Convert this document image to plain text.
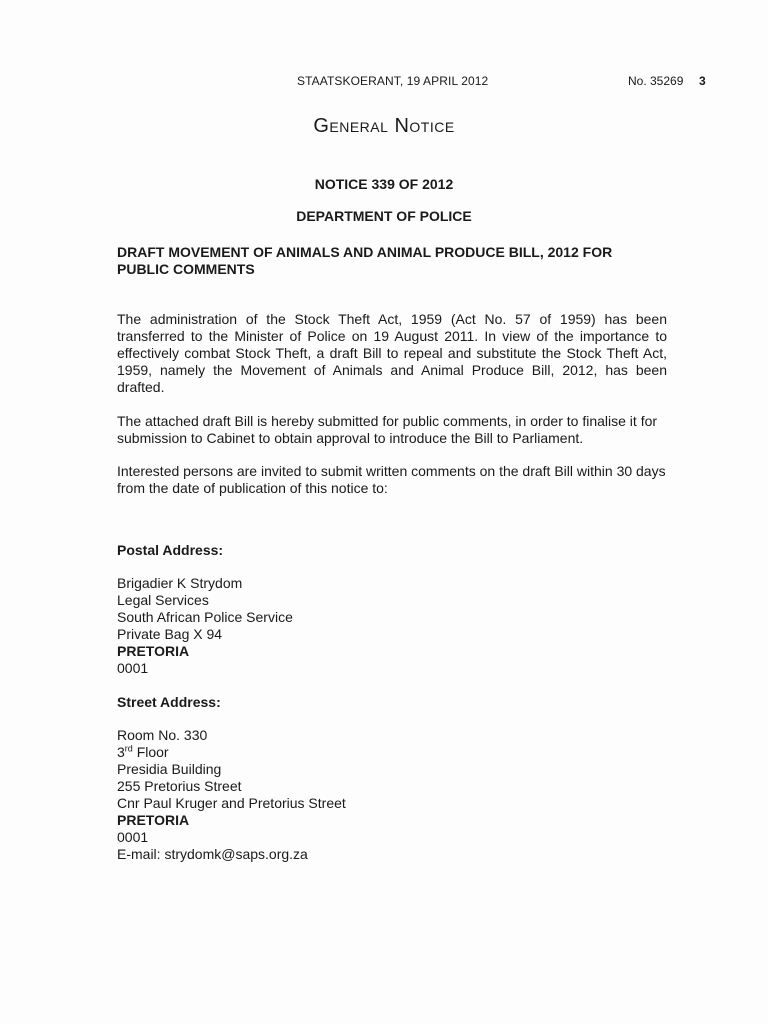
STAATSKOERANT, 19 APRIL 2012	No. 35269 3
General Notice
NOTICE 339 OF 2012
DEPARTMENT OF POLICE
DRAFT MOVEMENT OF ANIMALS AND ANIMAL PRODUCE BILL, 2012 FOR PUBLIC COMMENTS
The administration of the Stock Theft Act, 1959 (Act No. 57 of 1959) has been transferred to the Minister of Police on 19 August 2011. In view of the importance to effectively combat Stock Theft, a draft Bill to repeal and substitute the Stock Theft Act, 1959, namely the Movement of Animals and Animal Produce Bill, 2012, has been drafted.
The attached draft Bill is hereby submitted for public comments, in order to finalise it for submission to Cabinet to obtain approval to introduce the Bill to Parliament.
Interested persons are invited to submit written comments on the draft Bill within 30 days from the date of publication of this notice to:
Postal Address:
Brigadier K Strydom
Legal Services
South African Police Service
Private Bag X 94
PRETORIA
0001
Street Address:
Room No. 330
3rd Floor
Presidia Building
255 Pretorius Street
Cnr Paul Kruger and Pretorius Street
PRETORIA
0001
E-mail: strydomk@saps.org.za
